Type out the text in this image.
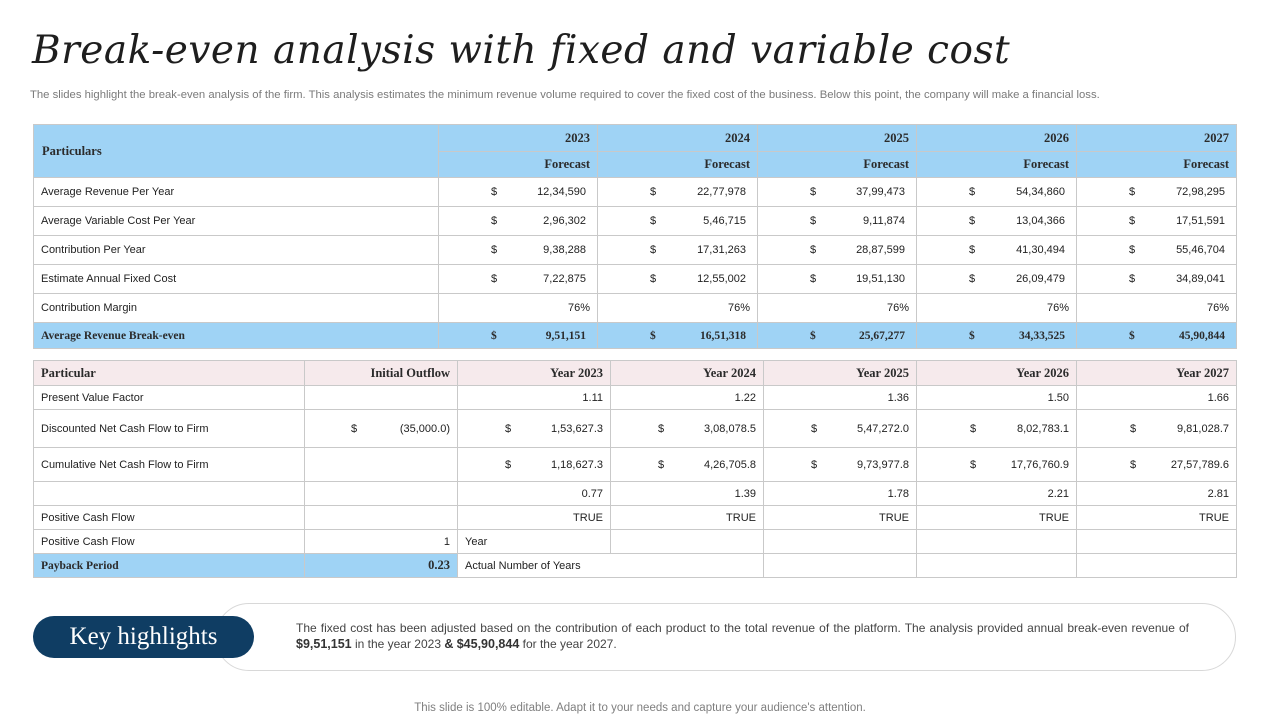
Break-even analysis with fixed and variable cost
The slides highlight the break-even analysis of the firm. This analysis estimates the minimum revenue volume required to cover the fixed cost of the business. Below this point, the company will make a financial loss.
Particulars	2023	2024	2025	2026	2027
	Forecast	Forecast	Forecast	Forecast	Forecast
Average Revenue Per Year	$ 12,34,590	$ 22,77,978	$ 37,99,473	$ 54,34,860	$ 72,98,295

Average Variable Cost Per Year	$ 2,96,302	$ 5,46,715	$ 9,11,874	$ 13,04,366	$ 17,51,591

Contribution Per Year	$ 9,38,288	$ 17,31,263	$ 28,87,599	$ 41,30,494	$ 55,46,704

Estimate Annual Fixed Cost	$ 7,22,875	$ 12,55,002	$ 19,51,130	$ 26,09,479	$ 34,89,041

Contribution Margin	76%	76%	76%	76%	76%
Average Revenue Break-even	$ 9,51,151	$ 16,51,318	$ 25,67,277	$ 34,33,525	$ 45,90,844
Particular	Initial Outflow	Year 2023	Year 2024	Year 2025	Year 2026	Year 2027
Present Value Factor		1.11	1.22	1.36	1.50	1.66
Discounted Net Cash Flow to Firm	$ (35,000.0)	$ 1,53,627.3	$ 3,08,078.5	$ 5,47,272.0	$ 8,02,783.1	$ 9,81,028.7

Cumulative Net Cash Flow to Firm		$ 1,18,627.3	$ 4,26,705.8	$ 9,73,977.8	$ 17,76,760.9	$ 27,57,789.6

		0.77	1.39	1.78	2.21	2.81
Positive Cash Flow		TRUE	TRUE	TRUE	TRUE	TRUE
Positive Cash Flow	1	Year				
Payback Period	0.23	Actual Number of Years				
Key highlights	The fixed cost has been adjusted based on the contribution of each product to the total revenue of the platform. The analysis provided annual break-even revenue of $9,51,151 in the year 2023 & $45,90,844 for the year 2027.
This slide is 100% editable. Adapt it to your needs and capture your audience's attention.
